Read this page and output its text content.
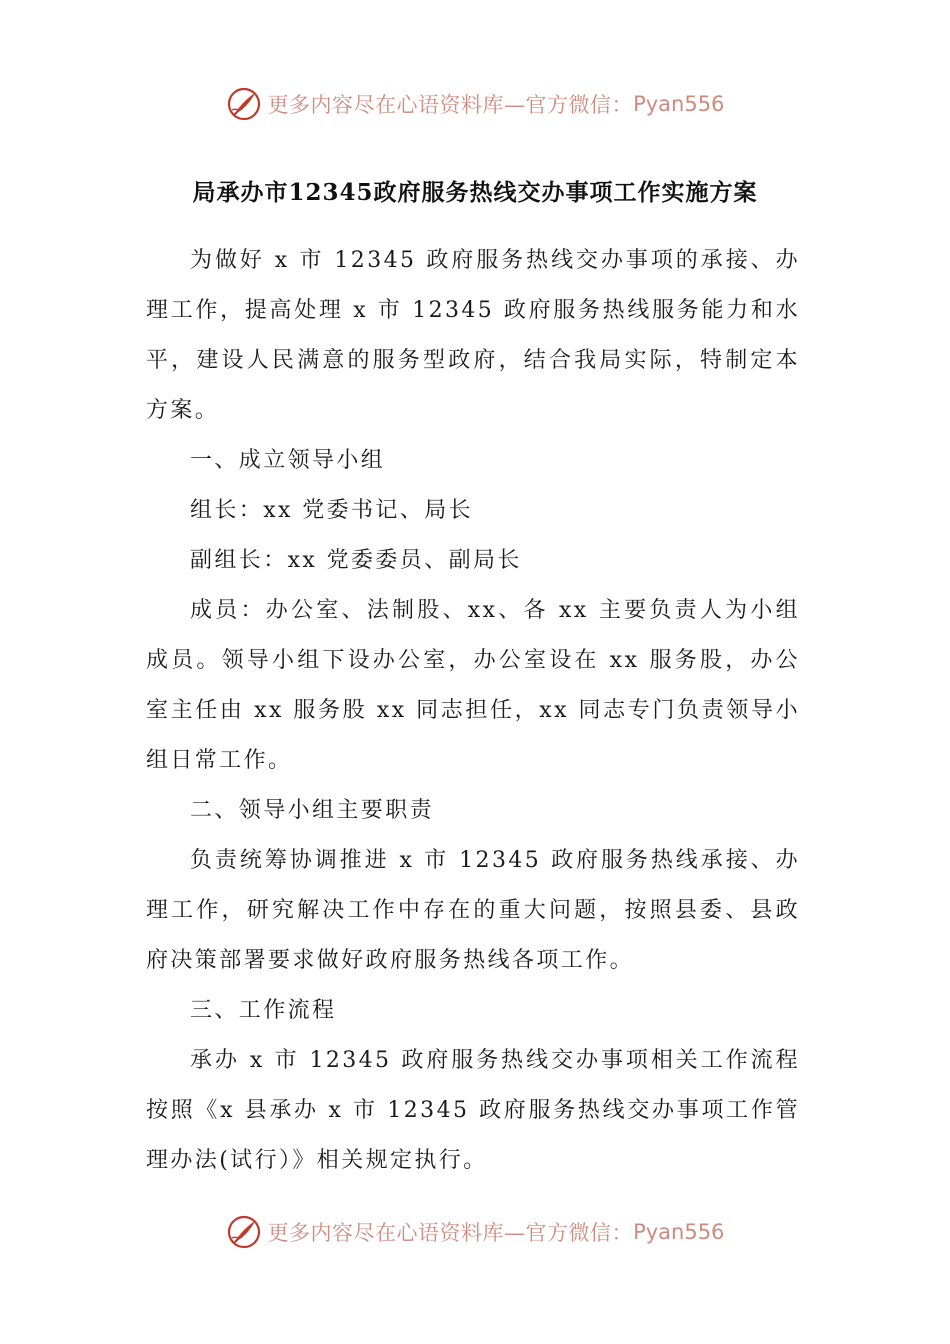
更多内容尽在心语资料库—官方微信： Pyan556
局承办市12345政府服务热线交办事项工作实施方案

为做好 x 市 12345 政府服务热线交办事项的承接、办理工作，提高处理 x 市 12345 政府服务热线服务能力和水平，建设人民满意的服务型政府，结合我局实际，特制定本方案。

一、成立领导小组

组长：xx 党委书记、局长

副组长：xx 党委委员、副局长

成员：办公室、法制股、xx、各 xx 主要负责人为小组成员。领导小组下设办公室，办公室设在 xx 服务股，办公室主任由 xx 服务股 xx 同志担任，xx 同志专门负责领导小组日常工作。

二、领导小组主要职责

负责统筹协调推进 x 市 12345 政府服务热线承接、办理工作，研究解决工作中存在的重大问题，按照县委、县政府决策部署要求做好政府服务热线各项工作。

三、工作流程

承办 x 市 12345 政府服务热线交办事项相关工作流程按照《x 县承办 x 市 12345 政府服务热线交办事项工作管理办法(试行）》相关规定执行。

更多内容尽在心语资料库—官方微信： Pyan556
